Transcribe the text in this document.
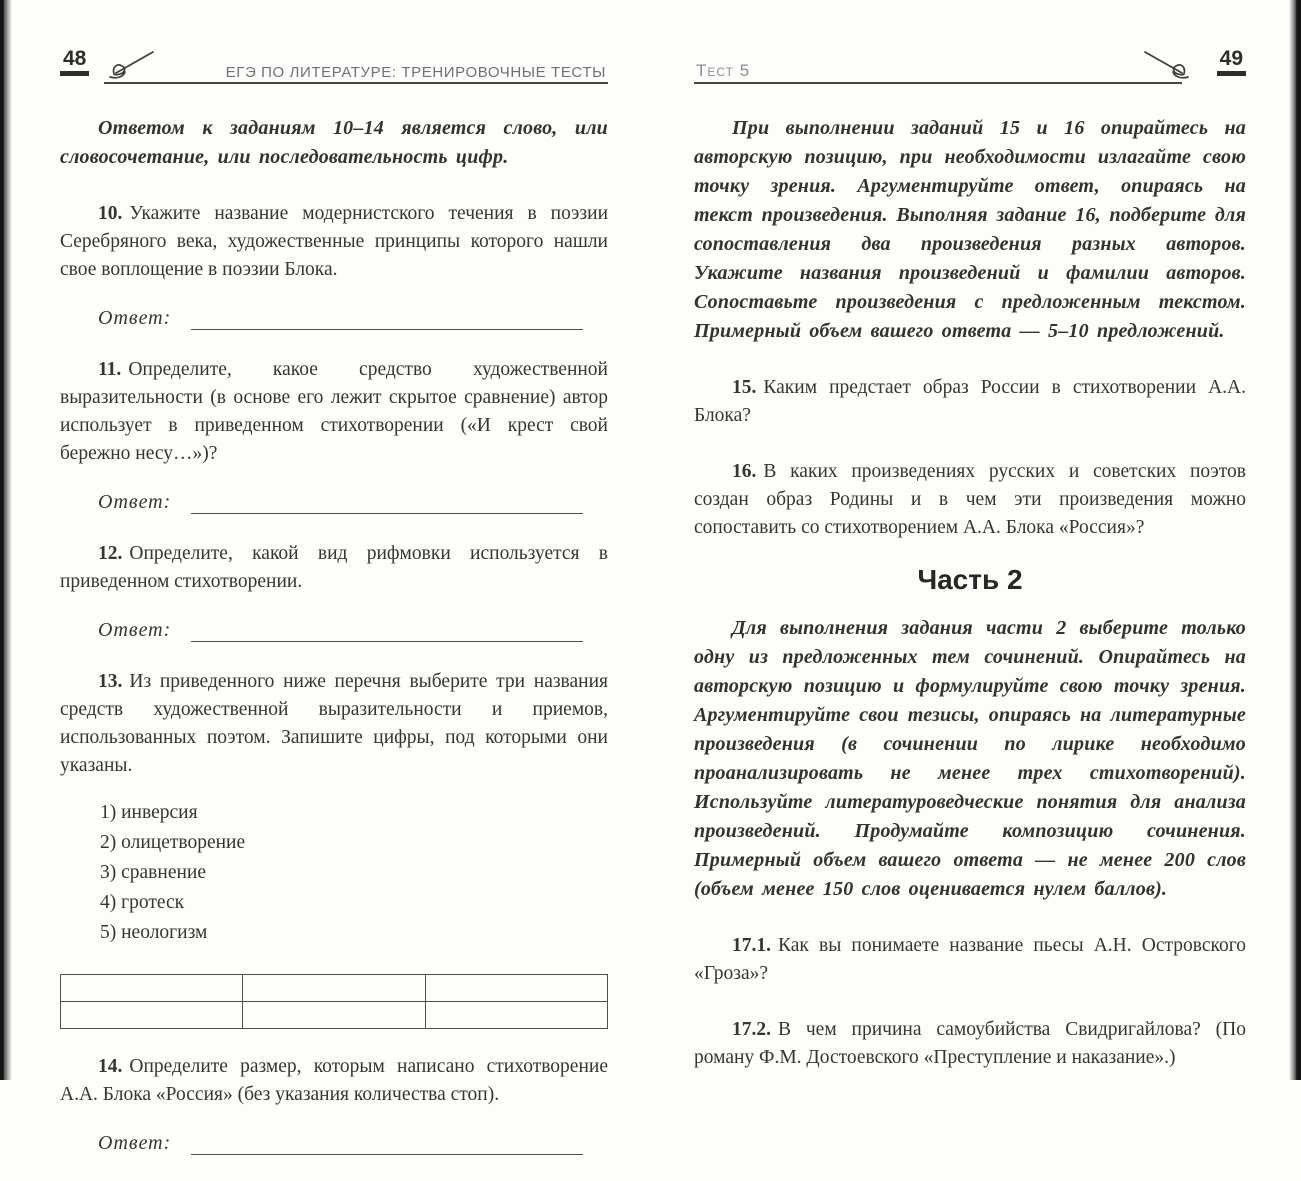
48
ЕГЭ ПО ЛИТЕРАТУРЕ: ТРЕНИРОВОЧНЫЕ ТЕСТЫ

Ответом к заданиям 10–14 является слово, или словосочетание, или последовательность цифр.

10. Укажите название модернистского течения в поэзии Серебряного века, художественные принципы которого нашли свое воплощение в поэзии Блока.

Ответ:

11. Определите, какое средство художественной выразительности (в основе его лежит скрытое сравнение) автор использует в приведенном стихотворении («И крест свой бережно несу…»)?

Ответ:

12. Определите, какой вид рифмовки используется в приведенном стихотворении.

Ответ:

13. Из приведенного ниже перечня выберите три названия средств художественной выразительности и приемов, использованных поэтом. Запишите цифры, под которыми они указаны.

1) инверсия
2) олицетворение
3) сравнение
4) гротеск
5) неологизм

14. Определите размер, которым написано стихотворение А.А. Блока «Россия» (без указания количества стоп).

Ответ:
Тест 5
49

При выполнении заданий 15 и 16 опирайтесь на авторскую позицию, при необходимости излагайте свою точку зрения. Аргументируйте ответ, опираясь на текст произведения. Выполняя задание 16, подберите для сопоставления два произведения разных авторов. Укажите названия произведений и фамилии авторов. Сопоставьте произведения с предложенным текстом. Примерный объем вашего ответа — 5–10 предложений.

15. Каким предстает образ России в стихотворении А.А. Блока?

16. В каких произведениях русских и советских поэтов создан образ Родины и в чем эти произведения можно сопоставить со стихотворением А.А. Блока «Россия»?

Часть 2

Для выполнения задания части 2 выберите только одну из предложенных тем сочинений. Опирайтесь на авторскую позицию и формулируйте свою точку зрения. Аргументируйте свои тезисы, опираясь на литературные произведения (в сочинении по лирике необходимо проанализировать не менее трех стихотворений). Используйте литературоведческие понятия для анализа произведений. Продумайте композицию сочинения. Примерный объем вашего ответа — не менее 200 слов (объем менее 150 слов оценивается нулем баллов).

17.1. Как вы понимаете название пьесы А.Н. Островского «Гроза»?

17.2. В чем причина самоубийства Свидригайлова? (По роману Ф.М. Достоевского «Преступление и наказание».)
